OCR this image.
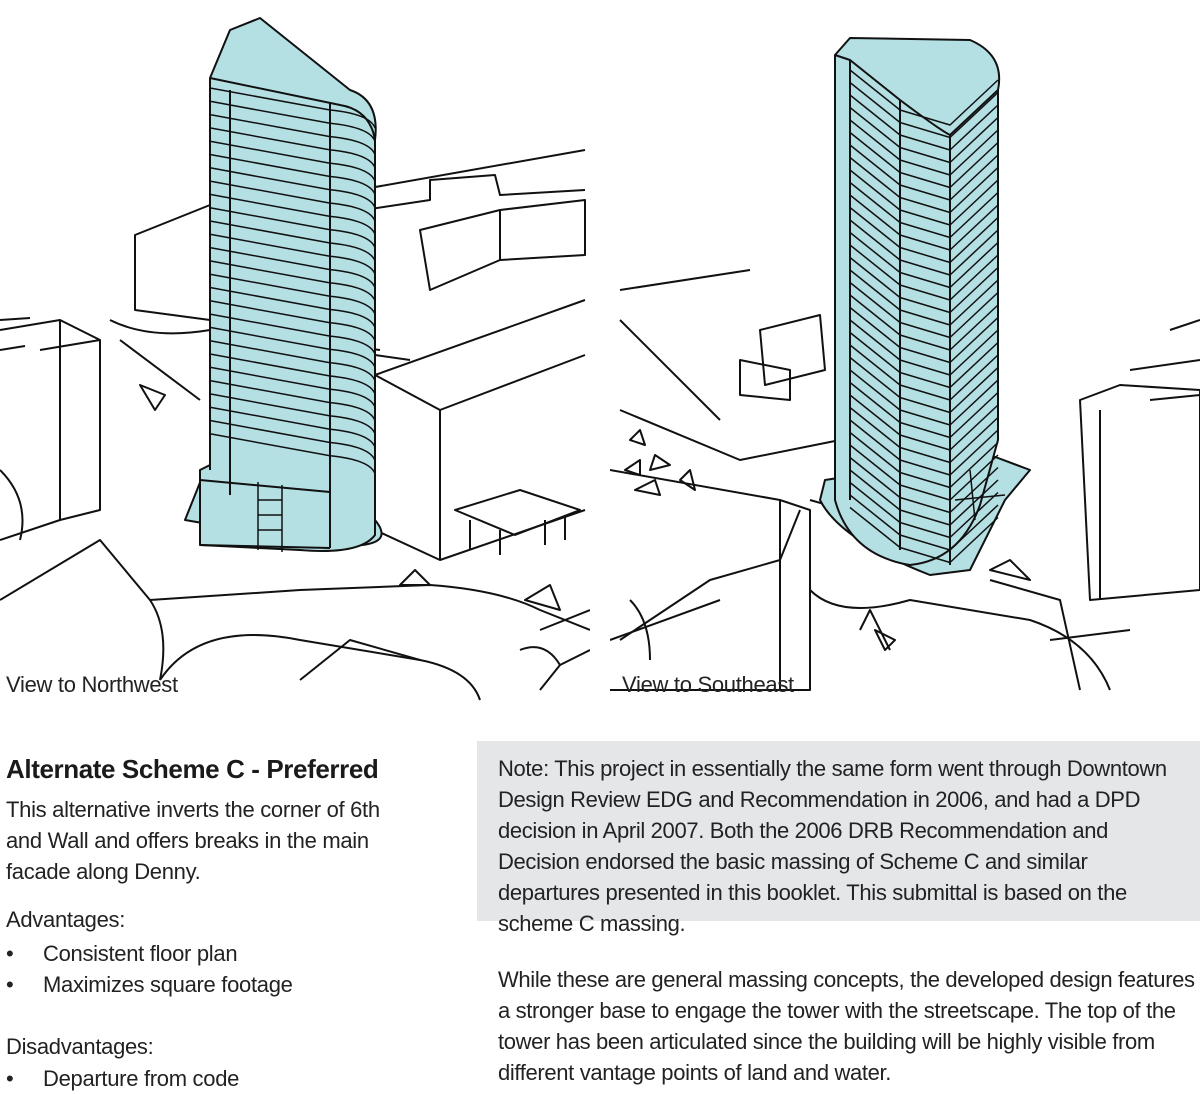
View to Northwest	View to Southeast
Alternate Scheme C - Preferred
This alternative inverts the corner of 6th and Wall and offers breaks in the main facade along Denny.
Advantages:
• Consistent floor plan
• Maximizes square footage
Disadvantages:
• Departure from code
Note: This project in essentially the same form went through Downtown Design Review EDG and Recommendation in 2006, and had a DPD decision in April 2007. Both the 2006 DRB Recommendation and Decision endorsed the basic massing of Scheme C and similar departures presented in this booklet. This submittal is based on the scheme C massing.
While these are general massing concepts, the developed design features a stronger base to engage the tower with the streetscape. The top of the tower has been articulated since the building will be highly visible from different vantage points of land and water.
